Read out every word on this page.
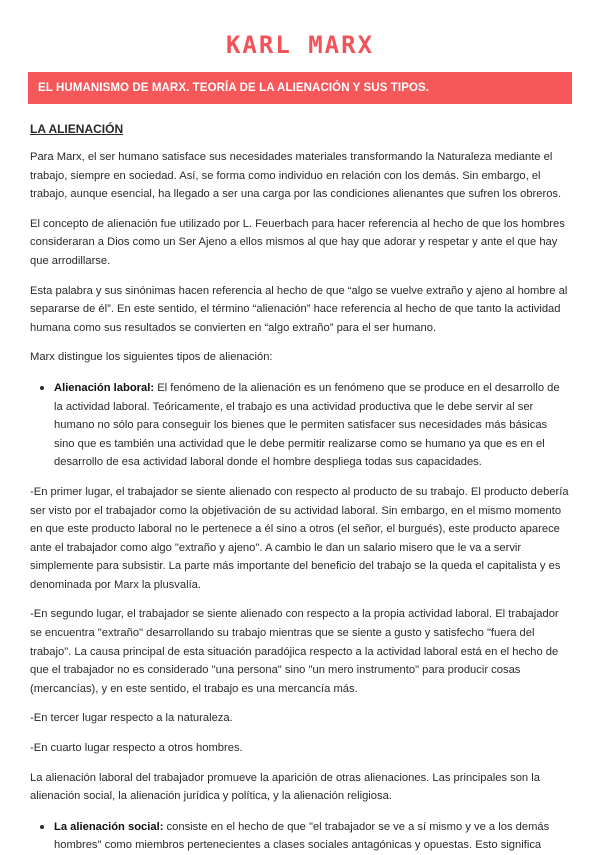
KARL MARX
EL HUMANISMO DE MARX. TEORÍA DE LA ALIENACIÓN Y SUS TIPOS.
LA ALIENACIÓN

Para Marx, el ser humano satisface sus necesidades materiales transformando la Naturaleza mediante el trabajo, siempre en sociedad. Así, se forma como individuo en relación con los demás. Sin embargo, el trabajo, aunque esencial, ha llegado a ser una carga por las condiciones alienantes que sufren los obreros.

El concepto de alienación fue utilizado por L. Feuerbach para hacer referencia al hecho de que los hombres consideraran a Dios como un Ser Ajeno a ellos mismos al que hay que adorar y respetar y ante el que hay que arrodillarse.

Esta palabra y sus sinónimas hacen referencia al hecho de que “algo se vuelve extraño y ajeno al hombre al separarse de él”. En este sentido, el término “alienación” hace referencia al hecho de que tanto la actividad humana como sus resultados se convierten en “algo extraño” para el ser humano.

Marx distingue los siguientes tipos de alienación:

• Alienación laboral: El fenómeno de la alienación es un fenómeno que se produce en el desarrollo de la actividad laboral. Teóricamente, el trabajo es una actividad productiva que le debe servir al ser humano no sólo para conseguir los bienes que le permiten satisfacer sus necesidades más básicas sino que es también una actividad que le debe permitir realizarse como se humano ya que es en el desarrollo de esa actividad laboral donde el hombre despliega todas sus capacidades.

-En primer lugar, el trabajador se siente alienado con respecto al producto de su trabajo. El producto debería ser visto por el trabajador como la objetivación de su actividad laboral. Sin embargo, en el mismo momento en que este producto laboral no le pertenece a él sino a otros (el señor, el burgués), este producto aparece ante el trabajador como algo "extraño y ajeno". A cambio le dan un salario misero que le va a servir simplemente para subsistir. La parte más importante del beneficio del trabajo se la queda el capitalista y es denominada por Marx la plusvalía.

-En segundo lugar, el trabajador se siente alienado con respecto a la propia actividad laboral. El trabajador se encuentra "extraño" desarrollando su trabajo mientras que se siente a gusto y satisfecho "fuera del trabajo". La causa principal de esta situación paradójica respecto a la actividad laboral está en el hecho de que el trabajador no es considerado "una persona" sino "un mero instrumento" para producir cosas (mercancías), y en este sentido, el trabajo es una mercancía más.

-En tercer lugar respecto a la naturaleza.

-En cuarto lugar respecto a otros hombres.

La alienación laboral del trabajador promueve la aparición de otras alienaciones. Las principales son la alienación social, la alienación jurídica y política, y la alienación religiosa.

• La alienación social: consiste en el hecho de que "el trabajador se ve a sí mismo y ve a los demás hombres" como miembros pertenecientes a clases sociales antagónicas y opuestas. Esto significa
